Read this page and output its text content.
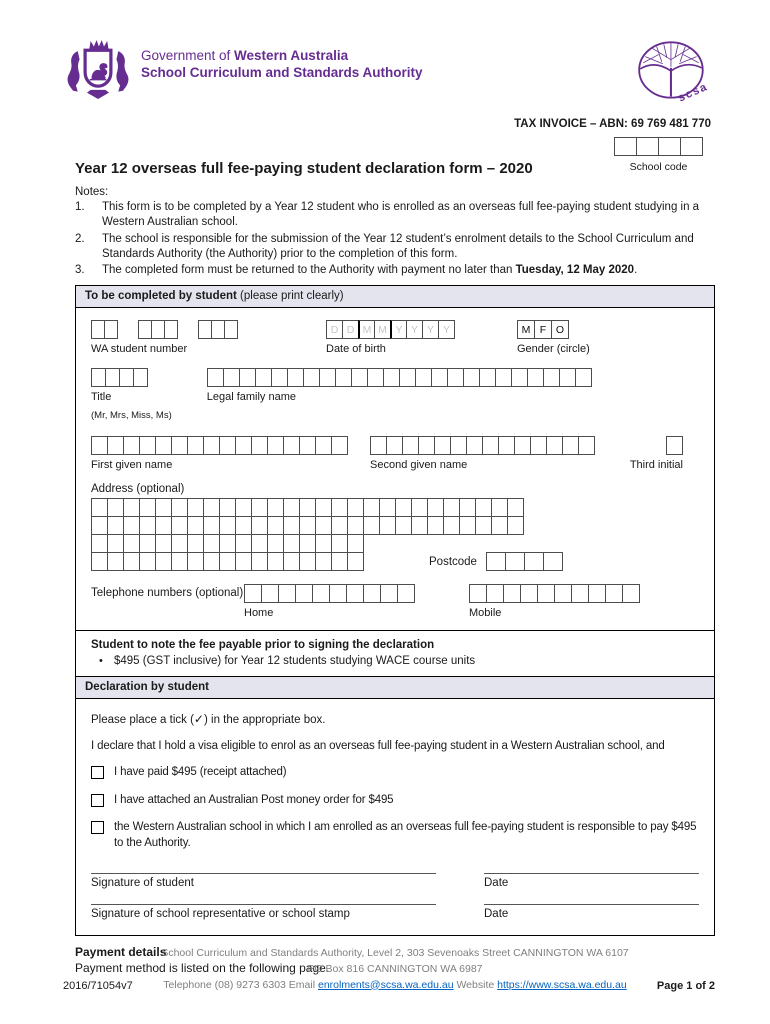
Government of Western Australia
School Curriculum and Standards Authority
scsa
TAX INVOICE – ABN: 69 769 481 770
School code
Year 12 overseas full fee-paying student declaration form – 2020
Notes:
1.	This form is to be completed by a Year 12 student who is enrolled as an overseas full fee-paying student studying in a Western Australian school.
2.	The school is responsible for the submission of the Year 12 student’s enrolment details to the School Curriculum and Standards Authority (the Authority) prior to the completion of this form.
3.	The completed form must be returned to the Authority with payment no later than Tuesday, 12 May 2020.
To be completed by student (please print clearly)
WA student number
D D M M Y Y Y Y
Date of birth
M F O
Gender (circle)
Title
(Mr, Mrs, Miss, Ms)
Legal family name
First given name	Second given name	Third initial
Address (optional)
Postcode
Telephone numbers (optional)
Home	Mobile
Student to note the fee payable prior to signing the declaration
• $495 (GST inclusive) for Year 12 students studying WACE course units
Declaration by student

Please place a tick (✓) in the appropriate box.

I declare that I hold a visa eligible to enrol as an overseas full fee-paying student in a Western Australian school, and

I have paid $495 (receipt attached)
I have attached an Australian Post money order for $495
the Western Australian school in which I am enrolled as an overseas full fee-paying student is responsible to pay $495 to the Authority.
Signature of student	Date
Signature of school representative or school stamp	Date
Payment details
Payment method is listed on the following page.
School Curriculum and Standards Authority, Level 2, 303 Sevenoaks Street CANNINGTON WA 6107
PO Box 816 CANNINGTON WA 6987
Telephone (08) 9273 6303 Email enrolments@scsa.wa.edu.au Website https://www.scsa.wa.edu.au
2016/71054v7	Page 1 of 2
